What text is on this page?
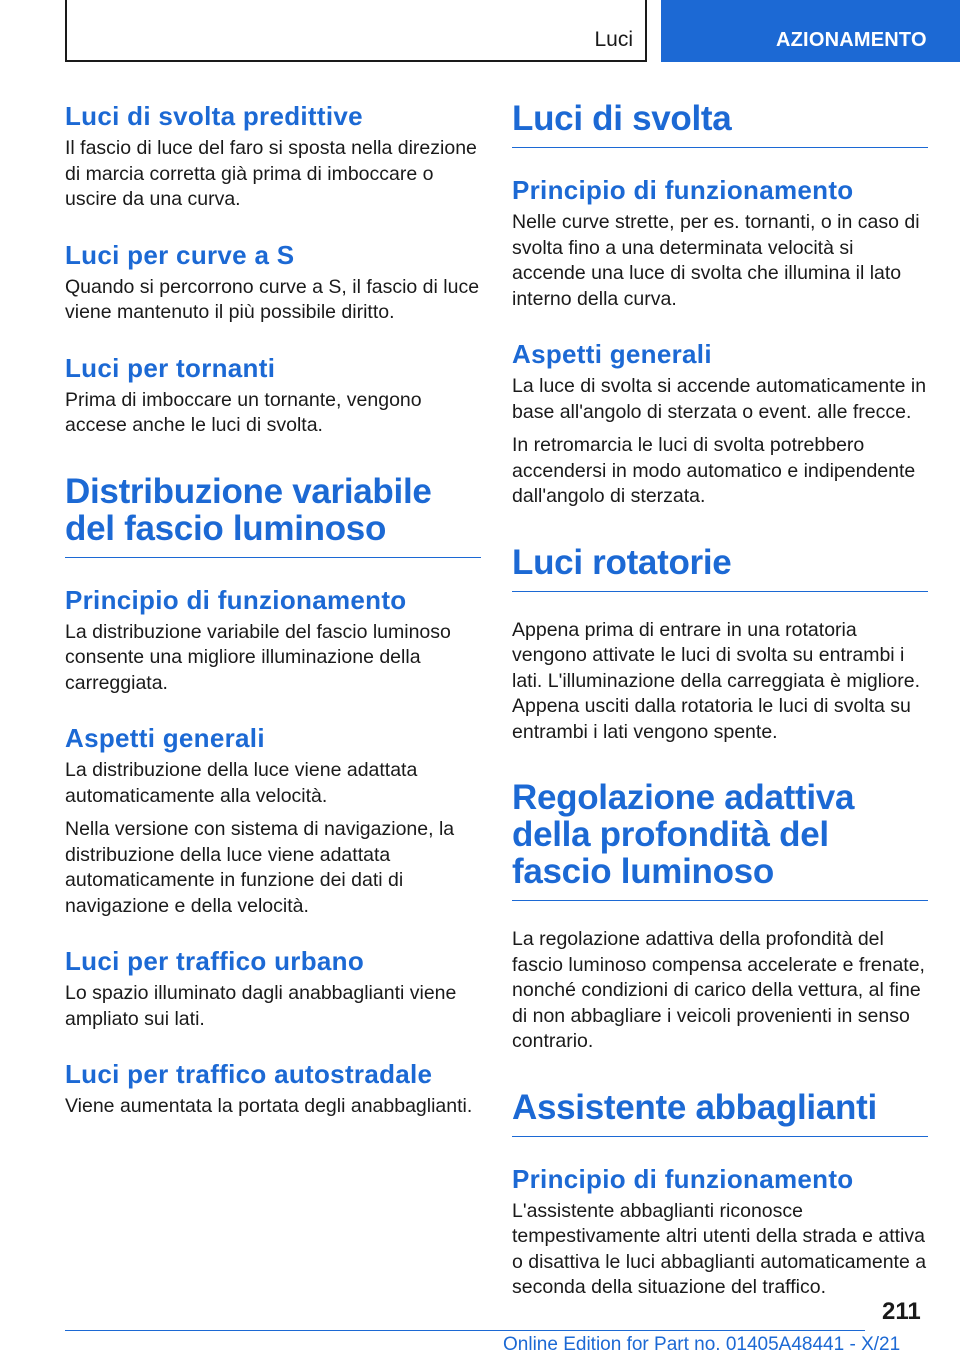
Luci	AZIONAMENTO
Luci di svolta predittive

Il fascio di luce del faro si sposta nella direzione di marcia corretta già prima di imboccare o uscire da una curva.

Luci per curve a S

Quando si percorrono curve a S, il fascio di luce viene mantenuto il più possibile diritto.

Luci per tornanti

Prima di imboccare un tornante, vengono accese anche le luci di svolta.

Distribuzione variabile del fascio luminoso
Principio di funzionamento

La distribuzione variabile del fascio luminoso consente una migliore illuminazione della carreggiata.

Aspetti generali

La distribuzione della luce viene adattata automaticamente alla velocità.

Nella versione con sistema di navigazione, la distribuzione della luce viene adattata automaticamente in funzione dei dati di navigazione e della velocità.

Luci per traffico urbano

Lo spazio illuminato dagli anabbaglianti viene ampliato sui lati.

Luci per traffico autostradale

Viene aumentata la portata degli anabbaglianti.

Luci di svolta
Principio di funzionamento

Nelle curve strette, per es. tornanti, o in caso di svolta fino a una determinata velocità si accende una luce di svolta che illumina il lato interno della curva.

Aspetti generali

La luce di svolta si accende automaticamente in base all'angolo di sterzata o event. alle frecce.

In retromarcia le luci di svolta potrebbero accendersi in modo automatico e indipendente dall'angolo di sterzata.

Luci rotatorie

Appena prima di entrare in una rotatoria vengono attivate le luci di svolta su entrambi i lati. L'illuminazione della carreggiata è migliore. Appena usciti dalla rotatoria le luci di svolta su entrambi i lati vengono spente.

Regolazione adattiva della profondità del fascio luminoso

La regolazione adattiva della profondità del fascio luminoso compensa accelerate e frenate, nonché condizioni di carico della vettura, al fine di non abbagliare i veicoli provenienti in senso contrario.

Assistente abbaglianti
Principio di funzionamento

L'assistente abbaglianti riconosce tempestivamente altri utenti della strada e attiva o disattiva le luci abbaglianti automaticamente a seconda della situazione del traffico.

211
Online Edition for Part no. 01405A48441 - X/21
